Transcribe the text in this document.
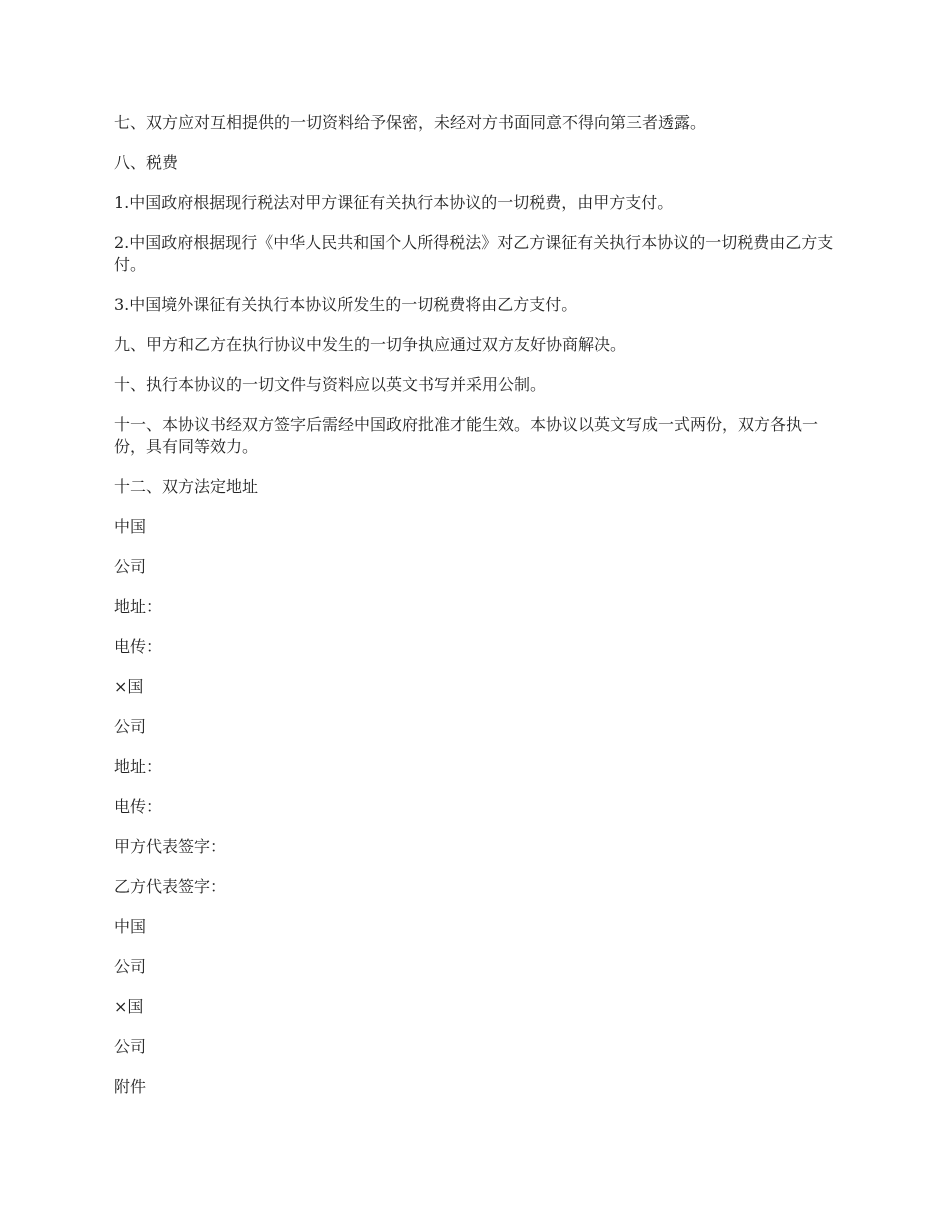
七、双方应对互相提供的一切资料给予保密，未经对方书面同意不得向第三者透露。

八、税费

1.中国政府根据现行税法对甲方课征有关执行本协议的一切税费，由甲方支付。

2.中国政府根据现行《中华人民共和国个人所得税法》对乙方课征有关执行本协议的一切税费由乙方支付。

3.中国境外课征有关执行本协议所发生的一切税费将由乙方支付。

九、甲方和乙方在执行协议中发生的一切争执应通过双方友好协商解决。

十、执行本协议的一切文件与资料应以英文书写并采用公制。

十一、本协议书经双方签字后需经中国政府批准才能生效。本协议以英文写成一式两份，双方各执一份，具有同等效力。

十二、双方法定地址

中国

公司

地址：

电传：

×国

公司

地址：

电传：

甲方代表签字：

乙方代表签字：

中国

公司

×国

公司

附件
